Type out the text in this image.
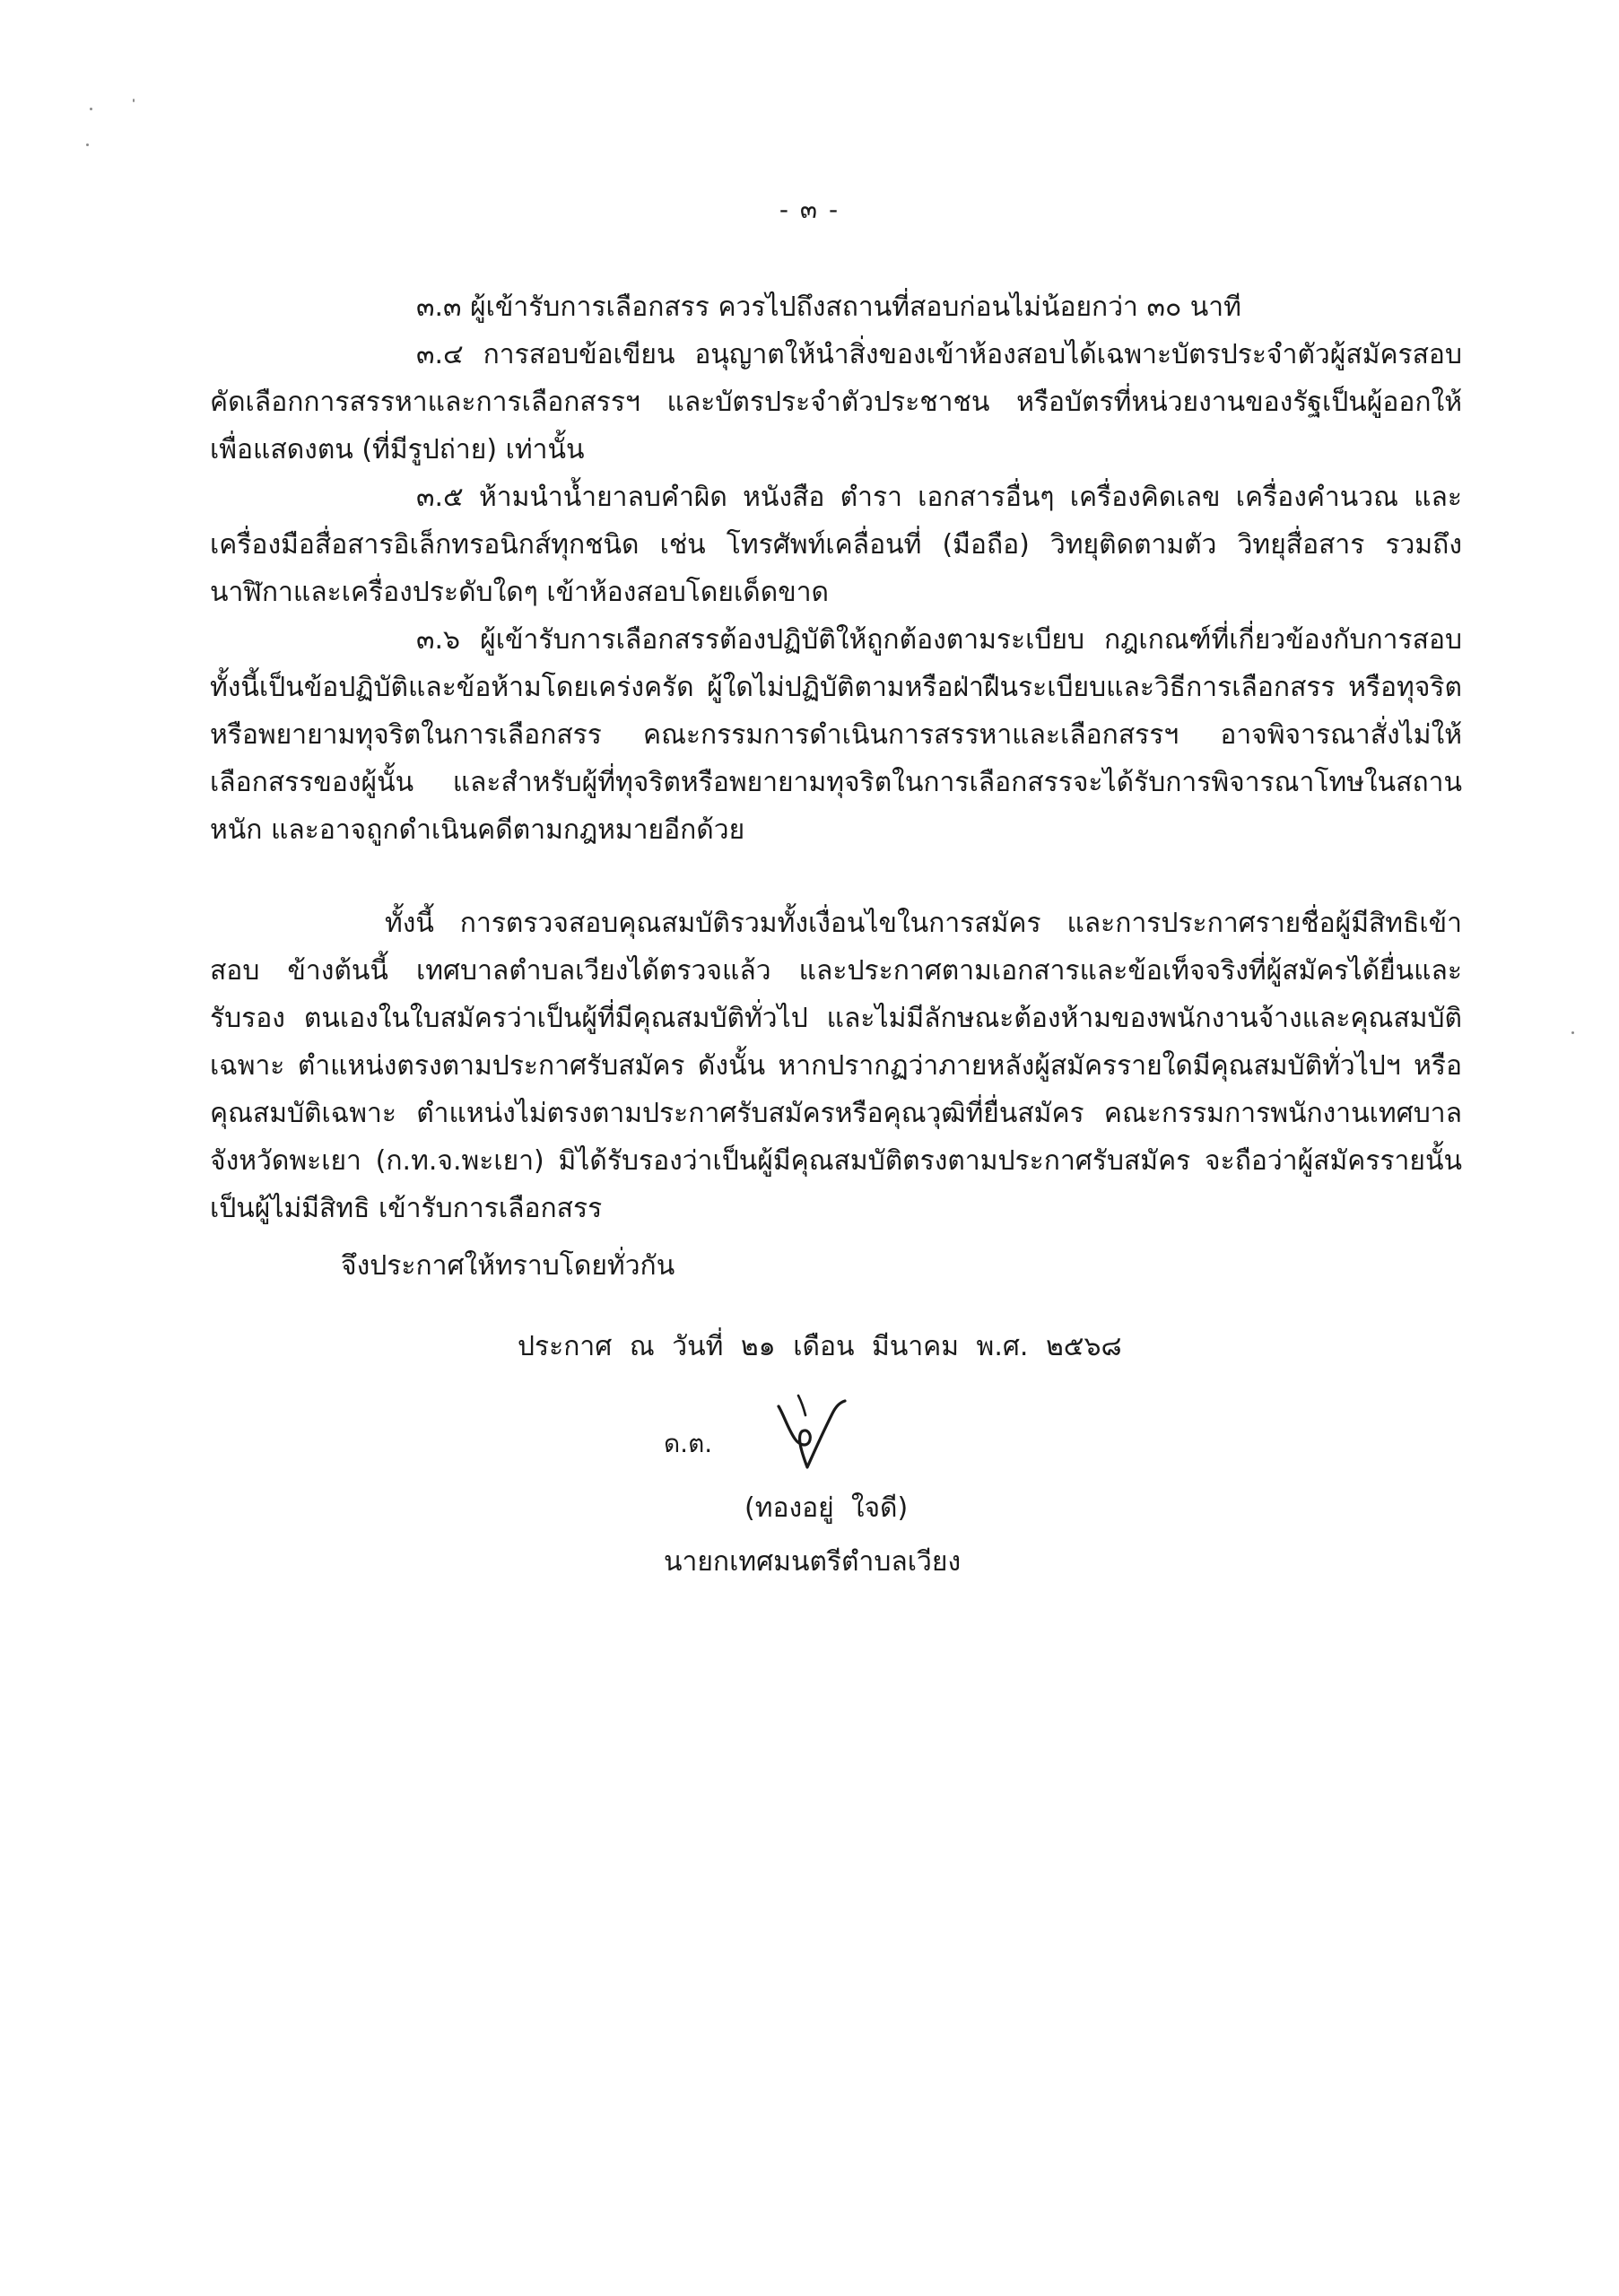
- ๓ -

๓.๓ ผู้เข้ารับการเลือกสรร ควรไปถึงสถานที่สอบก่อนไม่น้อยกว่า ๓๐ นาที

๓.๔ การสอบข้อเขียน อนุญาตให้นำสิ่งของเข้าห้องสอบได้เฉพาะบัตรประจำตัวผู้สมัครสอบ คัดเลือกการสรรหาและการเลือกสรรฯ และบัตรประจำตัวประชาชน หรือบัตรที่หน่วยงานของรัฐเป็นผู้ออกให้เพื่อแสดงตน (ที่มีรูปถ่าย) เท่านั้น

๓.๕ ห้ามนำน้ำยาลบคำผิด หนังสือ ตำรา เอกสารอื่นๆ เครื่องคิดเลข เครื่องคำนวณ และ เครื่องมือสื่อสารอิเล็กทรอนิกส์ทุกชนิด เช่น โทรศัพท์เคลื่อนที่ (มือถือ) วิทยุติดตามตัว วิทยุสื่อสาร รวมถึง นาฬิกาและเครื่องประดับใดๆ เข้าห้องสอบโดยเด็ดขาด

๓.๖ ผู้เข้ารับการเลือกสรรต้องปฏิบัติให้ถูกต้องตามระเบียบ กฎเกณฑ์ที่เกี่ยวข้องกับการสอบ ทั้งนี้เป็นข้อปฏิบัติและข้อห้ามโดยเคร่งครัด ผู้ใดไม่ปฏิบัติตามหรือฝ่าฝืนระเบียบและวิธีการเลือกสรร หรือทุจริต หรือพยายามทุจริตในการเลือกสรร คณะกรรมการดำเนินการสรรหาและเลือกสรรฯ อาจพิจารณาสั่งไม่ให้ เลือกสรรของผู้นั้น และสำหรับผู้ที่ทุจริตหรือพยายามทุจริตในการเลือกสรรจะได้รับการพิจารณาโทษในสถานหนัก และอาจถูกดำเนินคดีตามกฎหมายอีกด้วย

ทั้งนี้ การตรวจสอบคุณสมบัติรวมทั้งเงื่อนไขในการสมัคร และการประกาศรายชื่อผู้มีสิทธิเข้าสอบ ข้างต้นนี้ เทศบาลตำบลเวียงได้ตรวจแล้ว และประกาศตามเอกสารและข้อเท็จจริงที่ผู้สมัครได้ยื่นและรับรอง ตนเองในใบสมัครว่าเป็นผู้ที่มีคุณสมบัติทั่วไป และไม่มีลักษณะต้องห้ามของพนักงานจ้างและคุณสมบัติเฉพาะ ตำแหน่งตรงตามประกาศรับสมัคร ดังนั้น หากปรากฏว่าภายหลังผู้สมัครรายใดมีคุณสมบัติทั่วไปฯ หรือคุณสมบัติเฉพาะ ตำแหน่งไม่ตรงตามประกาศรับสมัครหรือคุณวุฒิที่ยื่นสมัคร คณะกรรมการพนักงานเทศบาลจังหวัดพะเยา (ก.ท.จ.พะเยา) มิได้รับรองว่าเป็นผู้มีคุณสมบัติตรงตามประกาศรับสมัคร จะถือว่าผู้สมัครรายนั้นเป็นผู้ไม่มีสิทธิ เข้ารับการเลือกสรร

จึงประกาศให้ทราบโดยทั่วกัน
ประกาศ ณ วันที่ ๒๑ เดือน มีนาคม พ.ศ. ๒๕๖๘
ด.ต.
(ทองอยู่  ใจดี)
นายกเทศมนตรีตำบลเวียง
